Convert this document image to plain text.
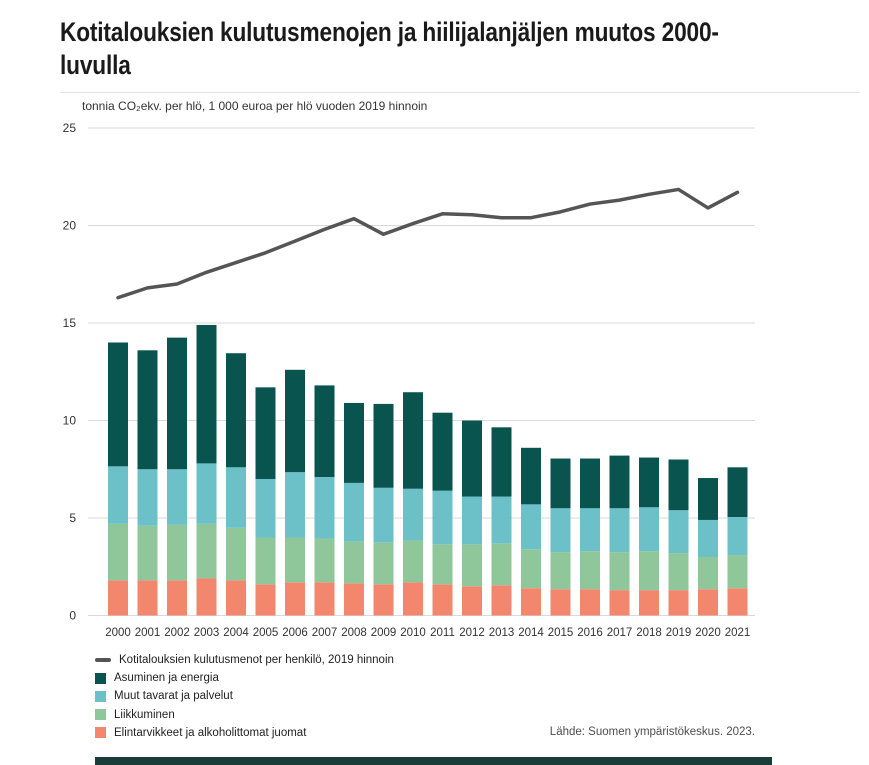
Kotitalouksien kulutusmenojen ja hiilijalanjäljen muutos 2000-
luvulla
tonnia CO₂ekv. per hlö, 1 000 euroa per hlö vuoden 2019 hinnoin
0
5
10
15
20
25
2000 2001 2002 2003 2004 2005 2006 2007 2008 2009 2010 2011 2012 2013 2014 2015 2016 2017 2018 2019 2020 2021
Kotitalouksien kulutusmenot per henkilö, 2019 hinnoin
Asuminen ja energia
Muut tavarat ja palvelut
Liikkuminen
Elintarvikkeet ja alkoholittomat juomat	Lähde: Suomen ympäristökeskus. 2023.
